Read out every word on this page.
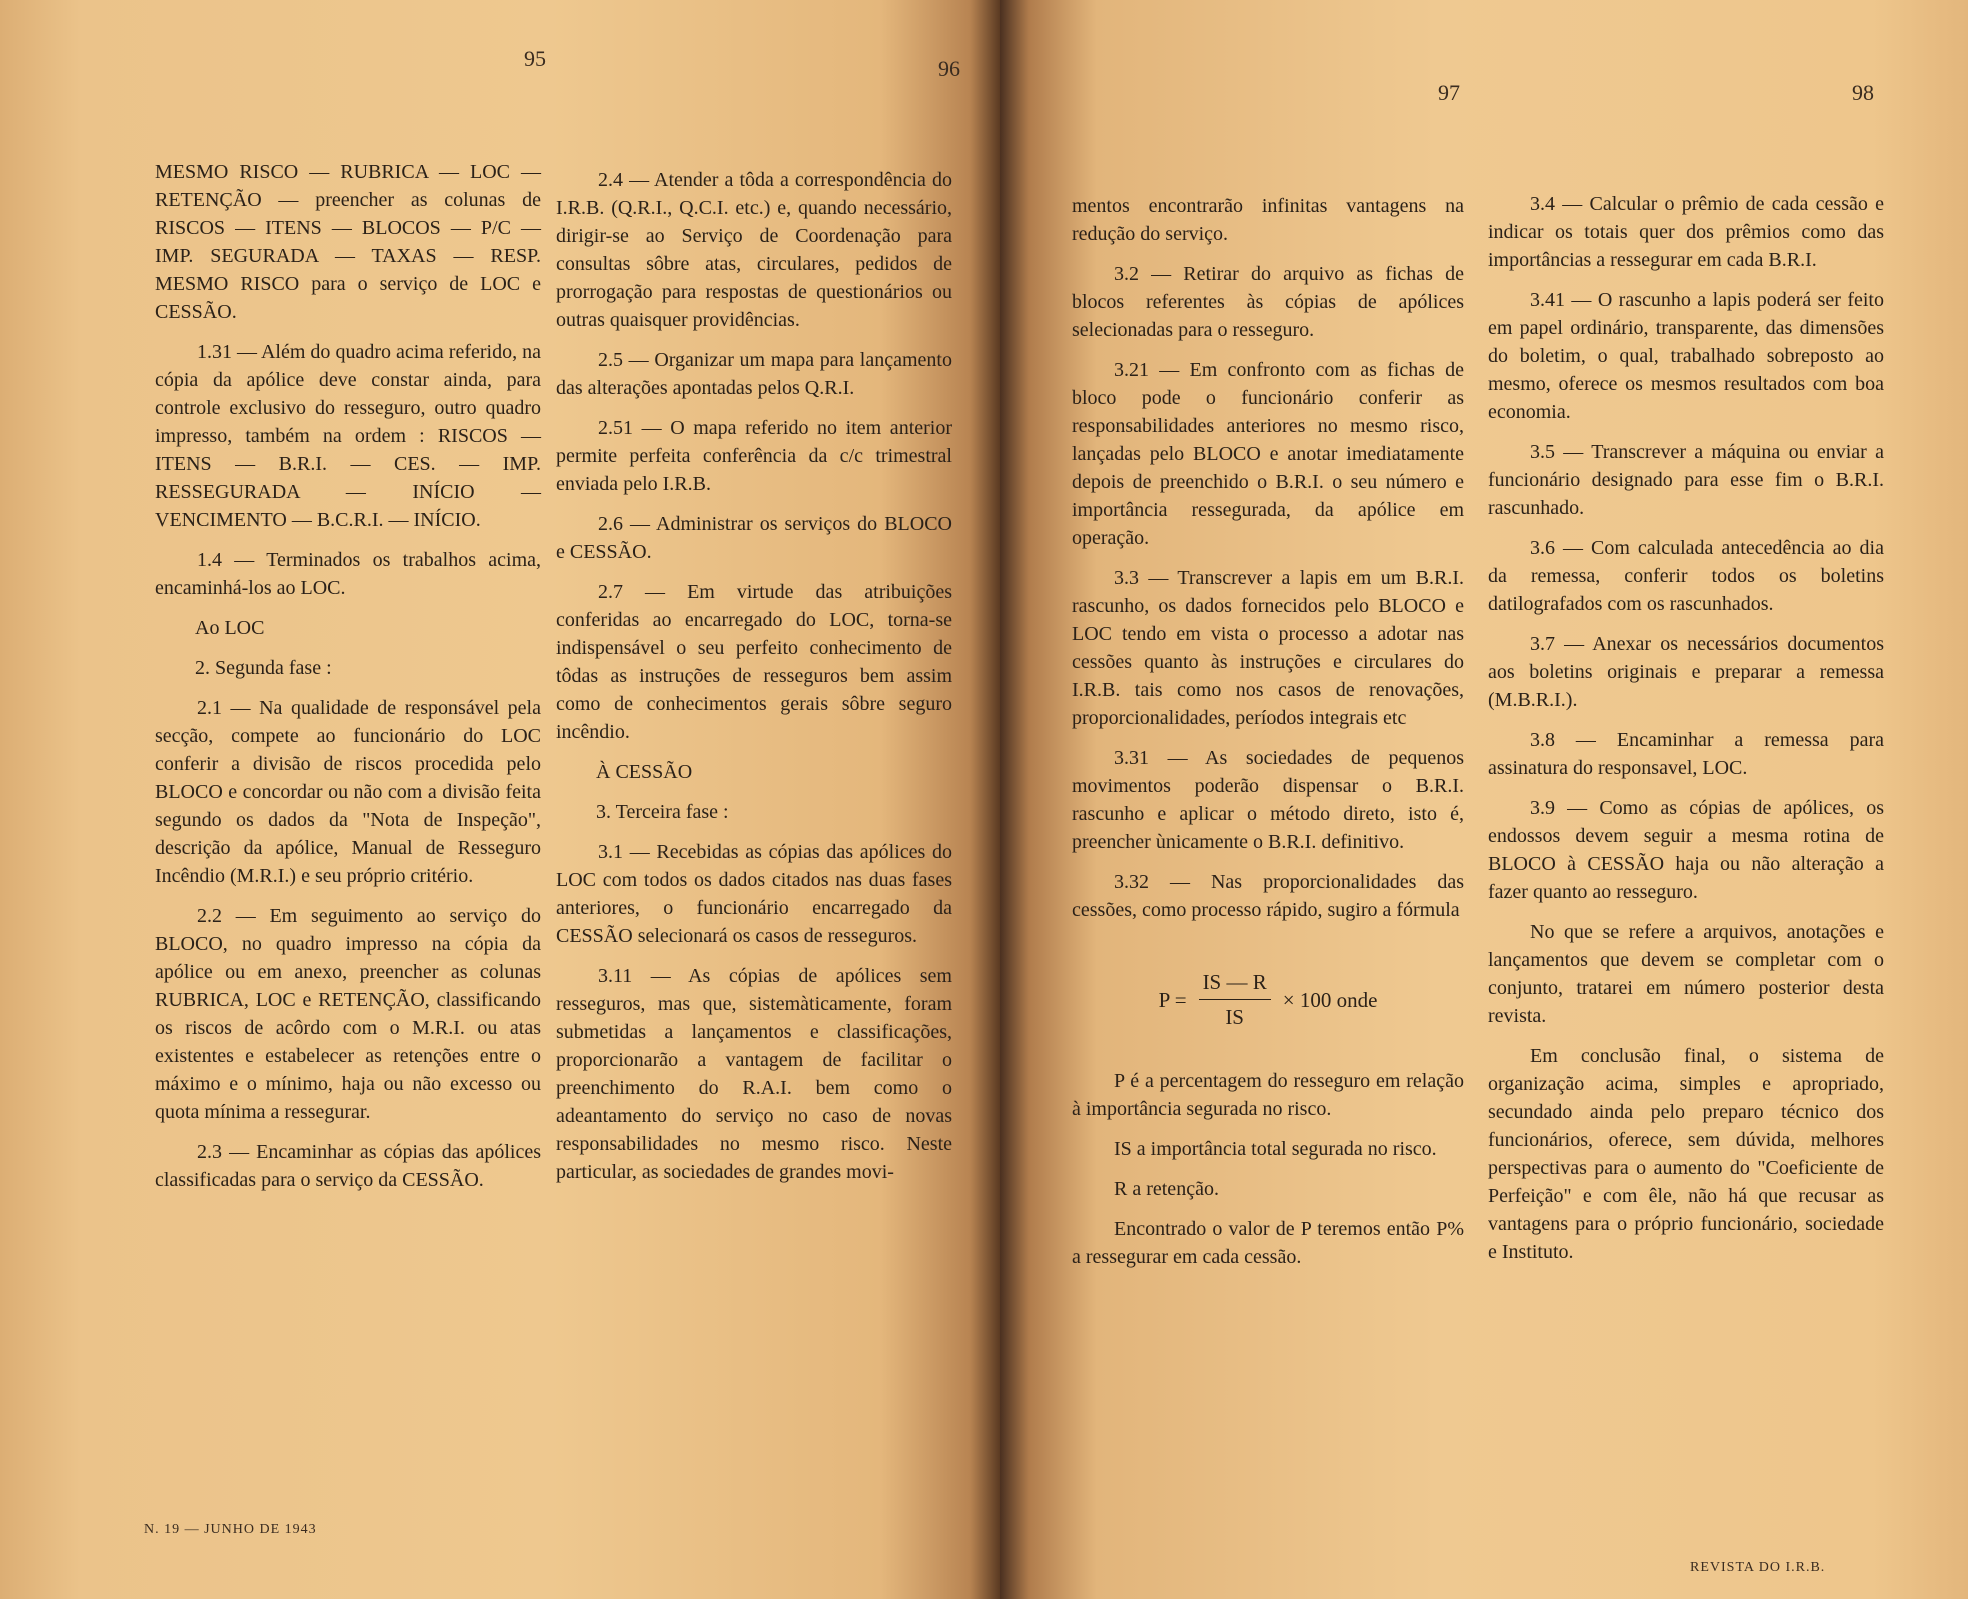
95	96

MESMO RISCO — RUBRICA — LOC — RETENÇÃO — preencher as colunas de RISCOS — ITENS — BLOCOS — P/C — IMP. SEGURADA — TAXAS — RESP. MESMO RISCO para o serviço de LOC e CESSÃO.

1.31 — Além do quadro acima referido, na cópia da apólice deve constar ainda, para controle exclusivo do resseguro, outro quadro impresso, também na ordem : RISCOS — ITENS — B.R.I. — CES. — IMP. RESSEGURADA — INÍCIO — VENCIMENTO — B.C.R.I. — INÍCIO.

1.4 — Terminados os trabalhos acima, encaminhá-los ao LOC.

Ao LOC

2. Segunda fase :

2.1 — Na qualidade de responsável pela secção, compete ao funcionário do LOC conferir a divisão de riscos procedida pelo BLOCO e concordar ou não com a divisão feita segundo os dados da "Nota de Inspeção", descrição da apólice, Manual de Resseguro Incêndio (M.R.I.) e seu próprio critério.

2.2 — Em seguimento ao serviço do BLOCO, no quadro impresso na cópia da apólice ou em anexo, preencher as colunas RUBRICA, LOC e RETENÇÃO, classificando os riscos de acôrdo com o M.R.I. ou atas existentes e estabelecer as retenções entre o máximo e o mínimo, haja ou não excesso ou quota mínima a ressegurar.

2.3 — Encaminhar as cópias das apólices classificadas para o serviço da CESSÃO.

2.4 — Atender a tôda a correspondência do I.R.B. (Q.R.I., Q.C.I. etc.) e, quando necessário, dirigir-se ao Serviço de Coordenação para consultas sôbre atas, circulares, pedidos de prorrogação para respostas de questionários ou outras quaisquer providências.

2.5 — Organizar um mapa para lançamento das alterações apontadas pelos Q.R.I.

2.51 — O mapa referido no item anterior permite perfeita conferência da c/c trimestral enviada pelo I.R.B.

2.6 — Administrar os serviços do BLOCO e CESSÃO.

2.7 — Em virtude das atribuições conferidas ao encarregado do LOC, torna-se indispensável o seu perfeito conhecimento de tôdas as instruções de resseguros bem assim como de conhecimentos gerais sôbre seguro incêndio.

À CESSÃO

3. Terceira fase :

3.1 — Recebidas as cópias das apólices do LOC com todos os dados citados nas duas fases anteriores, o funcionário encarregado da CESSÃO selecionará os casos de resseguros.

3.11 — As cópias de apólices sem resseguros, mas que, sistemàticamente, foram submetidas a lançamentos e classificações, proporcionarão a vantagem de facilitar o preenchimento do R.A.I. bem como o adeantamento do serviço no caso de novas responsabilidades no mesmo risco. Neste particular, as sociedades de grandes movi-

N. 19 — JUNHO DE 1943
97	98

mentos encontrarão infinitas vantagens na redução do serviço.

3.2 — Retirar do arquivo as fichas de blocos referentes às cópias de apólices selecionadas para o resseguro.

3.21 — Em confronto com as fichas de bloco pode o funcionário conferir as responsabilidades anteriores no mesmo risco, lançadas pelo BLOCO e anotar imediatamente depois de preenchido o B.R.I. o seu número e importância ressegurada, da apólice em operação.

3.3 — Transcrever a lapis em um B.R.I. rascunho, os dados fornecidos pelo BLOCO e LOC tendo em vista o processo a adotar nas cessões quanto às instruções e circulares do I.R.B. tais como nos casos de renovações, proporcionalidades, períodos integrais etc

3.31 — As sociedades de pequenos movimentos poderão dispensar o B.R.I. rascunho e aplicar o método direto, isto é, preencher ùnicamente o B.R.I. definitivo.

3.32 — Nas proporcionalidades das cessões, como processo rápido, sugiro a fórmula

$P = \frac{IS — R}{IS} \times 100$ onde

P é a percentagem do resseguro em relação à importância segurada no risco.

IS a importância total segurada no risco.

R a retenção.

Encontrado o valor de P teremos então P% a ressegurar em cada cessão.

3.4 — Calcular o prêmio de cada cessão e indicar os totais quer dos prêmios como das importâncias a ressegurar em cada B.R.I.

3.41 — O rascunho a lapis poderá ser feito em papel ordinário, transparente, das dimensões do boletim, o qual, trabalhado sobreposto ao mesmo, oferece os mesmos resultados com boa economia.

3.5 — Transcrever a máquina ou enviar a funcionário designado para esse fim o B.R.I. rascunhado.

3.6 — Com calculada antecedência ao dia da remessa, conferir todos os boletins datilografados com os rascunhados.

3.7 — Anexar os necessários documentos aos boletins originais e preparar a remessa (M.B.R.I.).

3.8 — Encaminhar a remessa para assinatura do responsavel, LOC.

3.9 — Como as cópias de apólices, os endossos devem seguir a mesma rotina de BLOCO à CESSÃO haja ou não alteração a fazer quanto ao resseguro.

No que se refere a arquivos, anotações e lançamentos que devem se completar com o conjunto, tratarei em número posterior desta revista.

Em conclusão final, o sistema de organização acima, simples e apropriado, secundado ainda pelo preparo técnico dos funcionários, oferece, sem dúvida, melhores perspectivas para o aumento do "Coeficiente de Perfeição" e com êle, não há que recusar as vantagens para o próprio funcionário, sociedade e Instituto.

REVISTA DO I.R.B.
